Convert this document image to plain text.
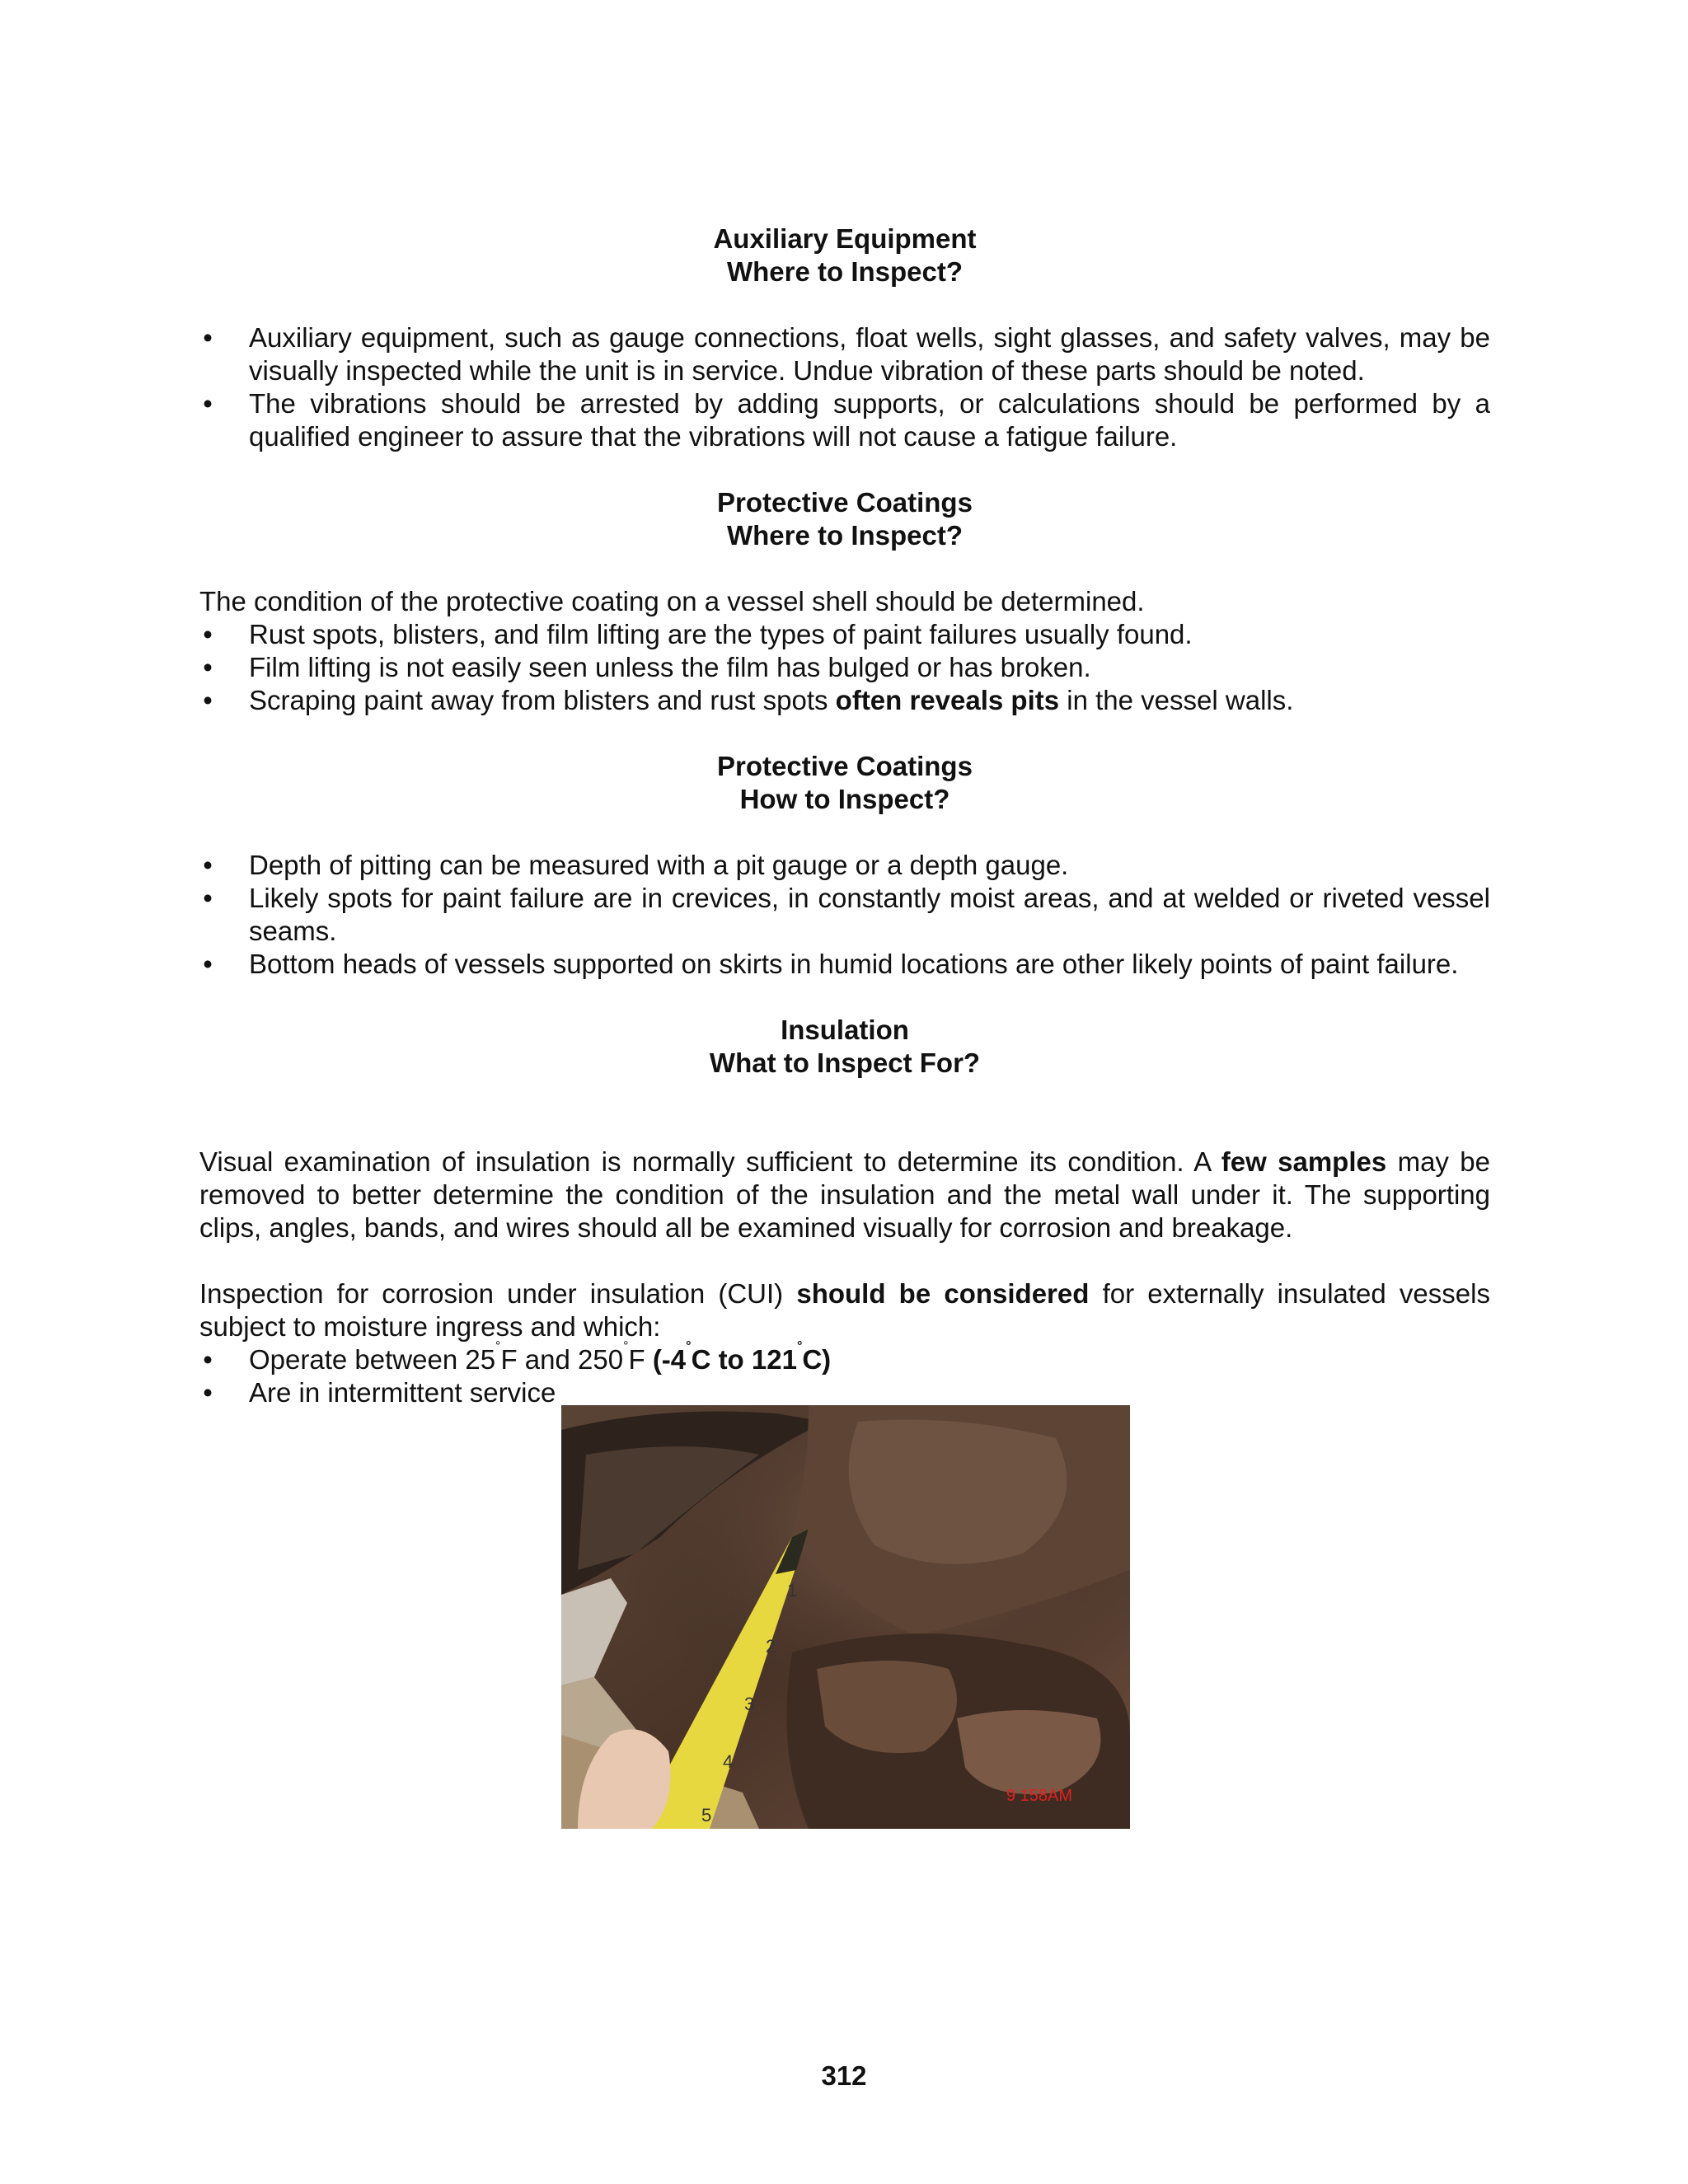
Auxiliary Equipment
Where to Inspect?
• Auxiliary equipment, such as gauge connections, float wells, sight glasses, and safety valves, may be visually inspected while the unit is in service. Undue vibration of these parts should be noted.
• The vibrations should be arrested by adding supports, or calculations should be performed by a qualified engineer to assure that the vibrations will not cause a fatigue failure.
Protective Coatings
Where to Inspect?

The condition of the protective coating on a vessel shell should be determined.

• Rust spots, blisters, and film lifting are the types of paint failures usually found.
• Film lifting is not easily seen unless the film has bulged or has broken.
• Scraping paint away from blisters and rust spots often reveals pits in the vessel walls.
Protective Coatings
How to Inspect?
• Depth of pitting can be measured with a pit gauge or a depth gauge.
• Likely spots for paint failure are in crevices, in constantly moist areas, and at welded or riveted vessel seams.
• Bottom heads of vessels supported on skirts in humid locations are other likely points of paint failure.
Insulation
What to Inspect For?

Visual examination of insulation is normally sufficient to determine its condition. A few samples may be removed to better determine the condition of the insulation and the metal wall under it. The supporting clips, angles, bands, and wires should all be examined visually for corrosion and breakage.

Inspection for corrosion under insulation (CUI) should be considered for externally insulated vessels subject to moisture ingress and which:

• Operate between 25°F and 250°F (-4°C to 121°C)
• Are in intermittent service
1
2
3
4
5
9 158AM
312
